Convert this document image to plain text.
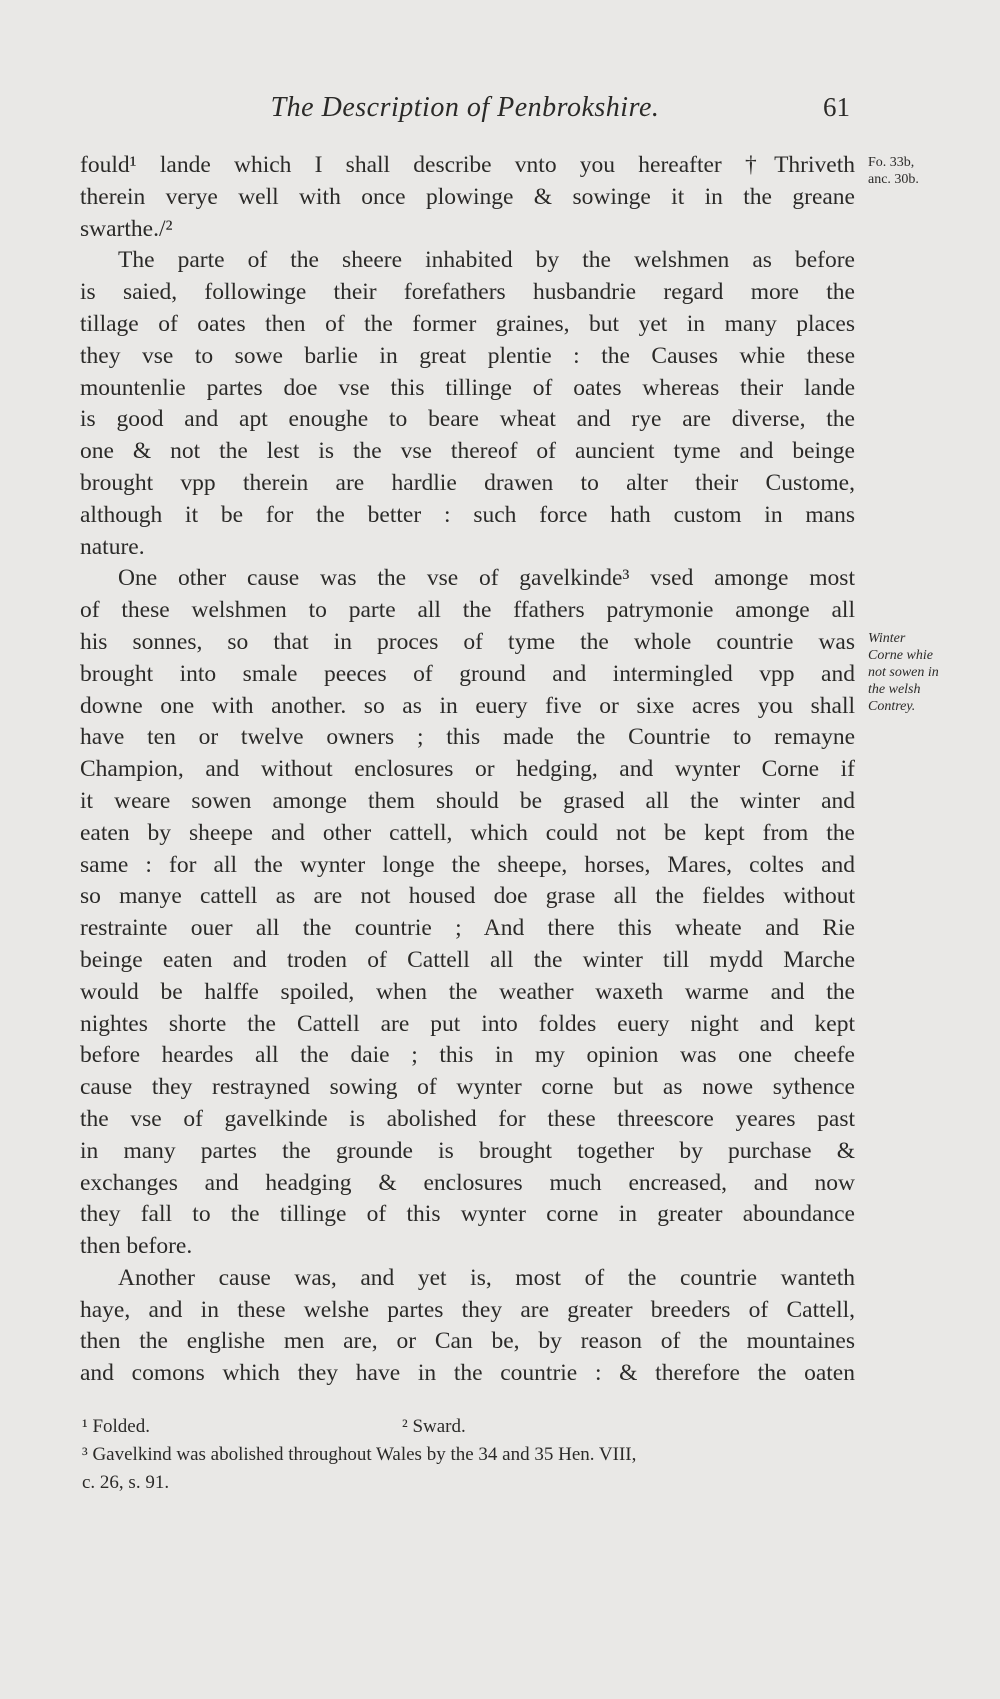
The Description of Penbrokshire.	61
Fo. 33b,
anc. 30b.
Winter
Corne whie
not sowen in
the welsh
Contrey.
fould¹ lande which I shall describe vnto you hereafter †Thriveth
therein verye well with once plowinge & sowinge it in the greane
swarthe./²
The parte of the sheere inhabited by the welshmen as before
is saied, followinge their forefathers husbandrie regard more the
tillage of oates then of the former graines, but yet in many places
they vse to sowe barlie in great plentie : the Causes whie these
mountenlie partes doe vse this tillinge of oates whereas their lande
is good and apt enoughe to beare wheat and rye are diverse, the
one & not the lest is the vse thereof of auncient tyme and beinge
brought vpp therein are hardlie drawen to alter their Custome,
although it be for the better : such force hath custom in mans
nature.
One other cause was the vse of gavelkinde³ vsed amonge most
of these welshmen to parte all the ffathers patrymonie amonge all
his sonnes, so that in proces of tyme the whole countrie was
brought into smale peeces of ground and intermingled vpp and
downe one with another. so as in euery five or sixe acres you shall
have ten or twelve owners ; this made the Countrie to remayne
Champion, and without enclosures or hedging, and wynter Corne if
it weare sowen amonge them should be grased all the winter and
eaten by sheepe and other cattell, which could not be kept from the
same : for all the wynter longe the sheepe, horses, Mares, coltes and
so manye cattell as are not housed doe grase all the fieldes without
restrainte ouer all the countrie ; And there this wheate and Rie
beinge eaten and troden of Cattell all the winter till mydd Marche
would be halffe spoiled, when the weather waxeth warme and the
nightes shorte the Cattell are put into foldes euery night and kept
before heardes all the daie ; this in my opinion was one cheefe
cause they restrayned sowing of wynter corne but as nowe sythence
the vse of gavelkinde is abolished for these threescore yeares past
in many partes the grounde is brought together by purchase &
exchanges and headging & enclosures much encreased, and now
they fall to the tillinge of this wynter corne in greater aboundance
then before.
Another cause was, and yet is, most of the countrie wanteth
haye, and in these welshe partes they are greater breeders of Cattell,
then the englishe men are, or Can be, by reason of the mountaines
and comons which they have in the countrie : & therefore the oaten
¹ Folded.	² Sward.
³ Gavelkind was abolished throughout Wales by the 34 and 35 Hen. VIII,
c. 26, s. 91.
